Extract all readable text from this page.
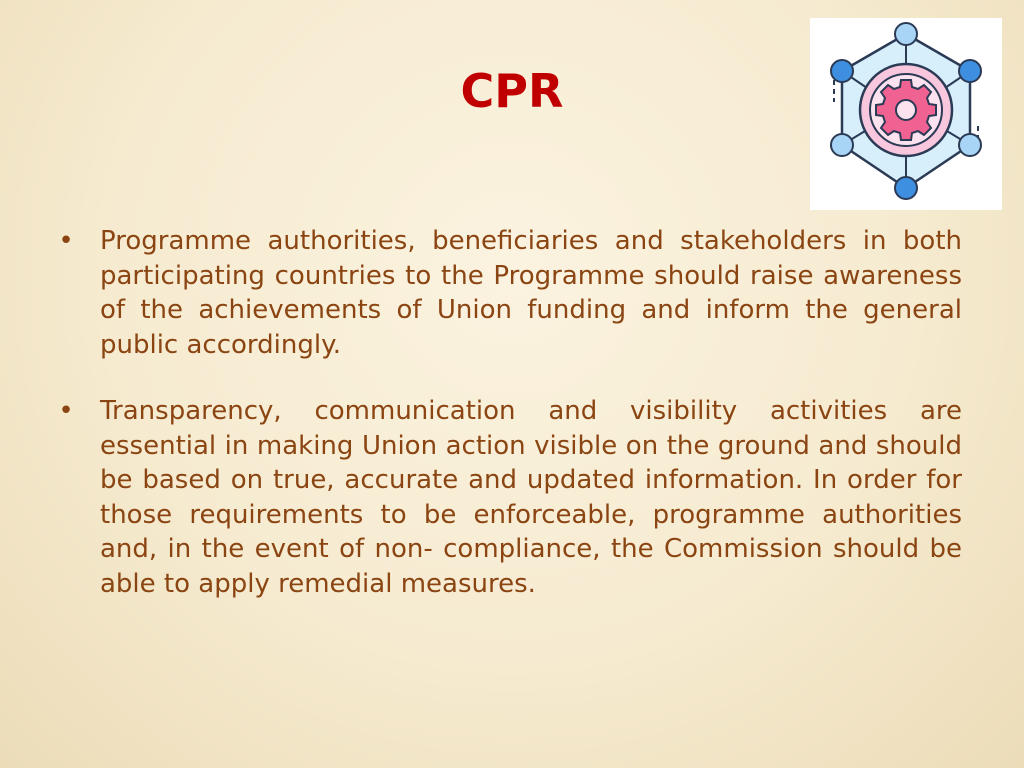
CPR
• Programme authorities, beneficiaries and stakeholders in both participating countries to the Programme should raise awareness of the achievements of Union funding and inform the general public accordingly.
• Transparency, communication and visibility activities are essential in making Union action visible on the ground and should be based on true, accurate and updated information. In order for those requirements to be enforceable, programme authorities and, in the event of non- compliance, the Commission should be able to apply remedial measures.
